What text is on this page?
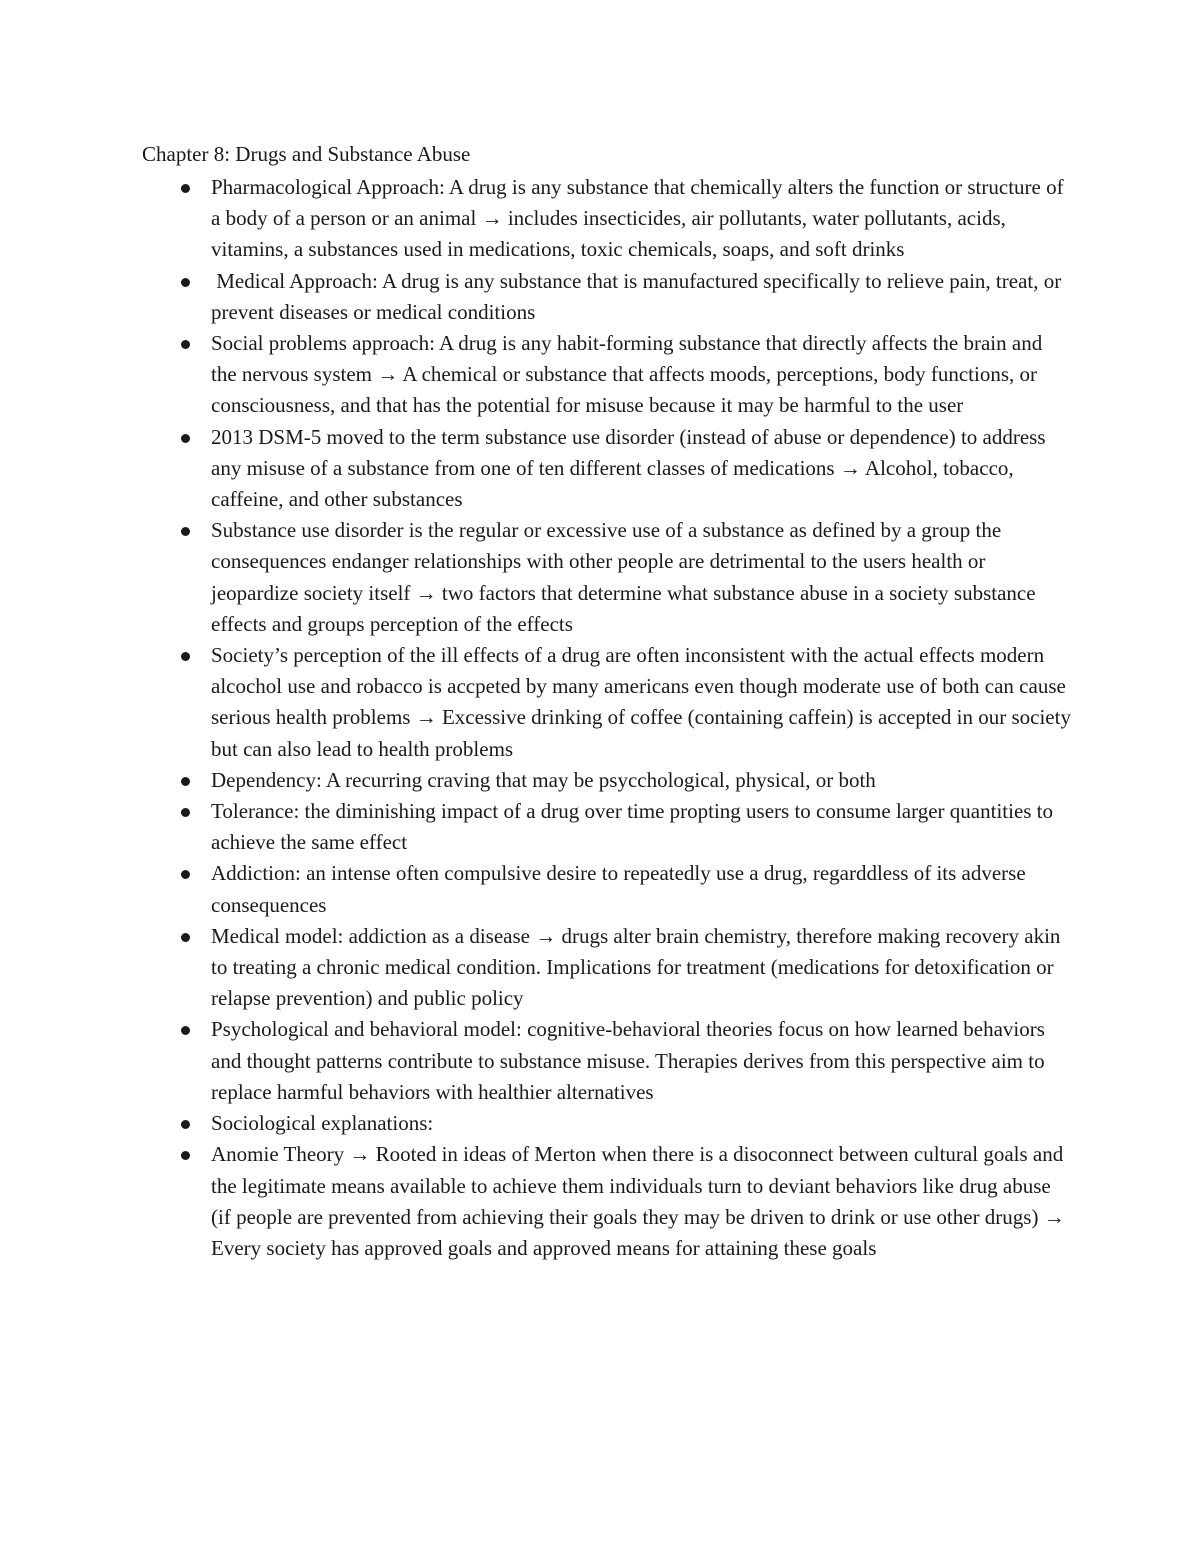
Chapter 8: Drugs and Substance Abuse
Pharmacological Approach: A drug is any substance that chemically alters the function or structure of a body of a person or an animal → includes insecticides, air pollutants, water pollutants, acids, vitamins, a substances used in medications, toxic chemicals, soaps, and soft drinks
Medical Approach: A drug is any substance that is manufactured specifically to relieve pain, treat, or prevent diseases or medical conditions
Social problems approach: A drug is any habit-forming substance that directly affects the brain and the nervous system → A chemical or substance that affects moods, perceptions, body functions, or consciousness, and that has the potential for misuse because it may be harmful to the user
2013 DSM-5 moved to the term substance use disorder (instead of abuse or dependence) to address any misuse of a substance from one of ten different classes of medications → Alcohol, tobacco, caffeine, and other substances
Substance use disorder is the regular or excessive use of a substance as defined by a group the consequences endanger relationships with other people are detrimental to the users health or jeopardize society itself → two factors that determine what substance abuse in a society substance effects and groups perception of the effects
Society’s perception of the ill effects of a drug are often inconsistent with the actual effects modern alcochol use and robacco is accpeted by many americans even though moderate use of both can cause serious health problems → Excessive drinking of coffee (containing caffein) is accepted in our society but can also lead to health problems
Dependency: A recurring craving that may be psycchological, physical, or both
Tolerance: the diminishing impact of a drug over time propting users to consume larger quantities to achieve the same effect
Addiction: an intense often compulsive desire to repeatedly use a drug, regarddless of its adverse consequences
Medical model: addiction as a disease → drugs alter brain chemistry, therefore making recovery akin to treating a chronic medical condition. Implications for treatment (medications for detoxification or relapse prevention) and public policy
Psychological and behavioral model: cognitive-behavioral theories focus on how learned behaviors and thought patterns contribute to substance misuse. Therapies derives from this perspective aim to replace harmful behaviors with healthier alternatives
Sociological explanations:
Anomie Theory → Rooted in ideas of Merton when there is a disoconnect between cultural goals and the legitimate means available to achieve them individuals turn to deviant behaviors like drug abuse (if people are prevented from achieving their goals they may be driven to drink or use other drugs) → Every society has approved goals and approved means for attaining these goals
